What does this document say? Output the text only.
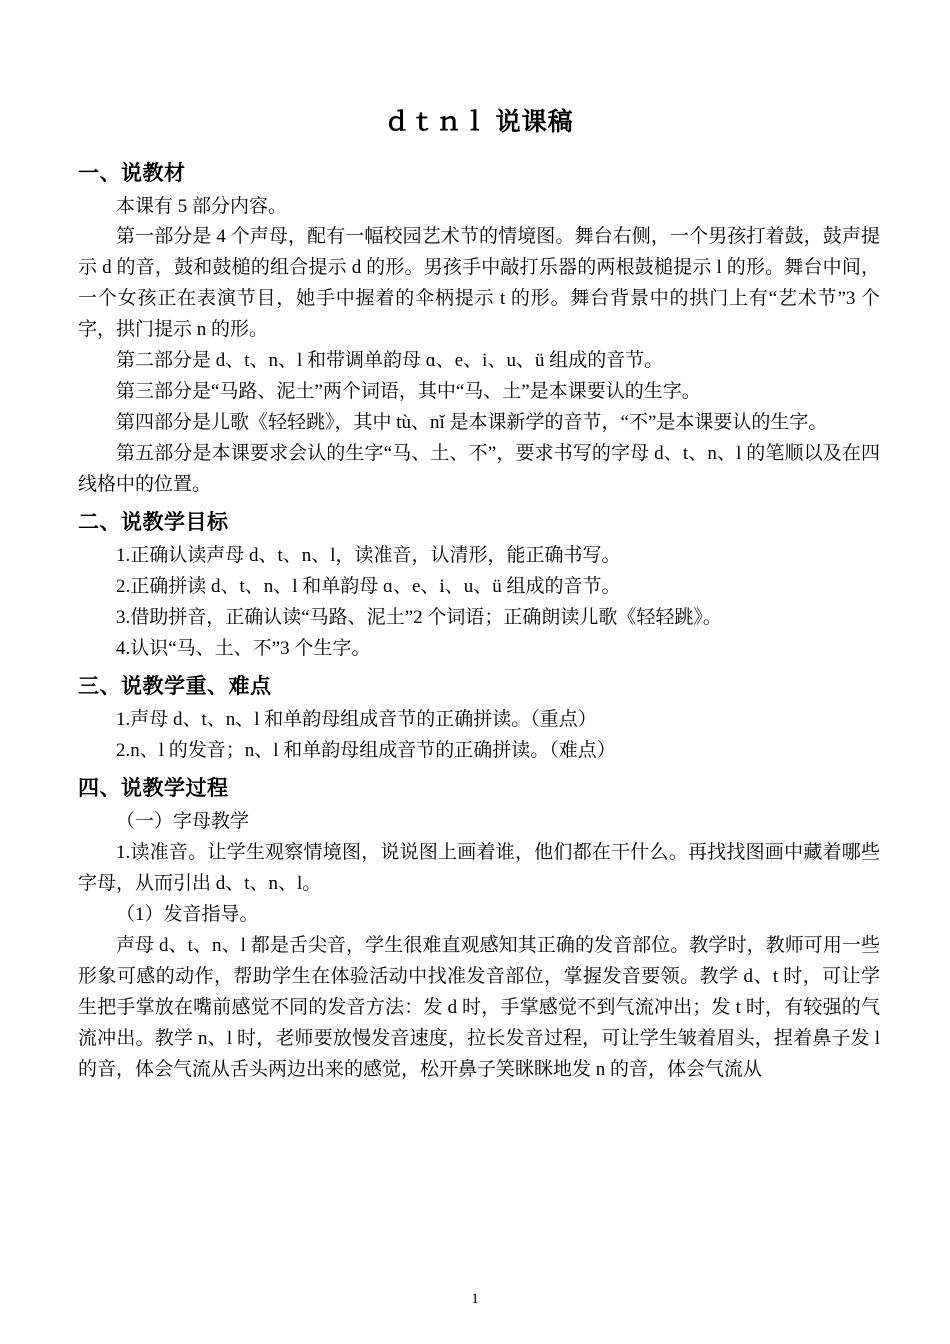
ｄｔｎｌ 说课稿
一、说教材

本课有 5 部分内容。

第一部分是 4 个声母，配有一幅校园艺术节的情境图。舞台右侧，一个男孩打着鼓，鼓声提示 d 的音，鼓和鼓槌的组合提示 d 的形。男孩手中敲打乐器的两根鼓槌提示 l 的形。舞台中间，一个女孩正在表演节目，她手中握着的伞柄提示 t 的形。舞台背景中的拱门上有“艺术节”3 个字，拱门提示 n 的形。

第二部分是 d、t、n、l 和带调单韵母 ɑ、e、i、u、ü 组成的音节。

第三部分是“马路、泥土”两个词语，其中“马、土”是本课要认的生字。

第四部分是儿歌《轻轻跳》，其中 tù、nǐ 是本课新学的音节，“不”是本课要认的生字。

第五部分是本课要求会认的生字“马、土、不”，要求书写的字母 d、t、n、l 的笔顺以及在四线格中的位置。

二、说教学目标

1.正确认读声母 d、t、n、l，读准音，认清形，能正确书写。

2.正确拼读 d、t、n、l 和单韵母 ɑ、e、i、u、ü 组成的音节。

3.借助拼音，正确认读“马路、泥土”2 个词语；正确朗读儿歌《轻轻跳》。

4.认识“马、土、不”3 个生字。

三、说教学重、难点

1.声母 d、t、n、l 和单韵母组成音节的正确拼读。（重点）

2.n、l 的发音；n、l 和单韵母组成音节的正确拼读。（难点）

四、说教学过程

（一）字母教学

1.读准音。让学生观察情境图，说说图上画着谁，他们都在干什么。再找找图画中藏着哪些字母，从而引出 d、t、n、l。

（1）发音指导。

声母 d、t、n、l 都是舌尖音，学生很难直观感知其正确的发音部位。教学时，教师可用一些形象可感的动作，帮助学生在体验活动中找准发音部位，掌握发音要领。教学 d、t 时，可让学生把手掌放在嘴前感觉不同的发音方法：发 d 时，手掌感觉不到气流冲出；发 t 时，有较强的气流冲出。教学 n、l 时，老师要放慢发音速度，拉长发音过程，可让学生皱着眉头，捏着鼻子发 l 的音，体会气流从舌头两边出来的感觉，松开鼻子笑眯眯地发 n 的音，体会气流从

1
